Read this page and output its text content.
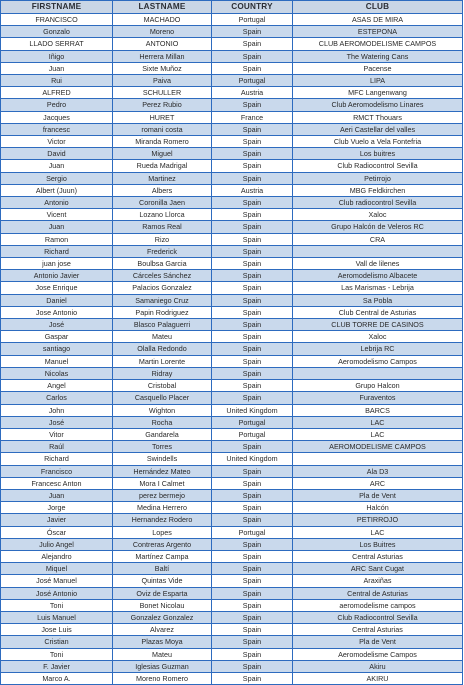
FIRSTNAME	LASTNAME	COUNTRY	CLUB
FRANCISCO	MACHADO	Portugal	ASAS DE MIRA
Gonzalo	Moreno	Spain	ESTEPONA
LLADO SERRAT	ANTONIO	Spain	CLUB AEROMODELISME CAMPOS
Iñigo	Herrera Millan	Spain	The Watering Cans
Juan	Sixte Muñoz	Spain	Pacense
Rui	Paiva	Portugal	LIPA
ALFRED	SCHULLER	Austria	MFC Langenwang
Pedro	Perez Rubio	Spain	Club Aeromodelismo Linares
Jacques	HURET	France	RMCT Thouars
francesc	romani costa	Spain	Aeri Castellar del valles
Victor	Miranda Romero	Spain	Club Vuelo a Vela Fontefria
David	Miguel	Spain	Los buitres
Juan	Rueda Madrigal	Spain	Club Radiocontrol Sevilla
Sergio	Martinez	Spain	Petirrojo
Albert (Juun)	Albers	Austria	MBG Feldkirchen
Antonio	Coronilla Jaen	Spain	Club radiocontrol Sevilla
Vicent	Lozano Llorca	Spain	Xaloc
Juan	Ramos Real	Spain	Grupo Halcón de Veleros RC
Ramon	Rizo	Spain	CRA
Richard	Frederick	Spain	
juan jose	Boulbsa Garcia	Spain	Vall de lilenes
Antonio Javier	Cárceles Sánchez	Spain	Aeromodelismo Albacete
Jose Enrique	Palacios Gonzalez	Spain	Las Marismas - Lebrija
Daniel	Samaniego Cruz	Spain	Sa Pobla
Jose Antonio	Papin Rodriguez	Spain	Club Central de Asturias
José	Blasco Palaguerri	Spain	CLUB TORRE DE CASINOS
Gaspar	Mateu	Spain	Xaloc
santiago	Olalla Redondo	Spain	Lebrija RC
Manuel	Martin Lorente	Spain	Aeromodelismo Campos
Nicolas	Ridray	Spain	
Angel	Cristobal	Spain	Grupo Halcon
Carlos	Casquello Placer	Spain	Furaventos
John	Wighton	United Kingdom	BARCS
José	Rocha	Portugal	LAC
Vitor	Gandarela	Portugal	LAC
Raúl	Torres	Spain	AEROMODELISME CAMPOS
Richard	Swindells	United Kingdom	
Francisco	Hernández Mateo	Spain	Ala D3
Francesc Anton	Mora I Calmet	Spain	ARC
Juan	perez bermejo	Spain	Pla de Vent
Jorge	Medina Herrero	Spain	Halcón
Javier	Hernandez Rodero	Spain	PETIRROJO
Óscar	Lopes	Portugal	LAC
Julio Angel	Contreras Argento	Spain	Los Buitres
Alejandro	Martínez Campa	Spain	Central Asturias
Miquel	Baltí	Spain	ARC Sant Cugat
José Manuel	Quintas Vide	Spain	Araxiñas
José Antonio	Oviz de Esparta	Spain	Central de Asturias
Toni	Bonet Nicolau	Spain	aeromodelisme campos
Luis Manuel	Gonzalez Gonzalez	Spain	Club Radiocontrol Sevilla
Jose Luis	Alvarez	Spain	Central Asturias
Cristian	Plazas Moya	Spain	Pla de Vent
Toni	Mateu	Spain	Aeromodelisme Campos
F. Javier	Iglesias Guzman	Spain	Akiru
Marco A.	Moreno Romero	Spain	AKIRU
